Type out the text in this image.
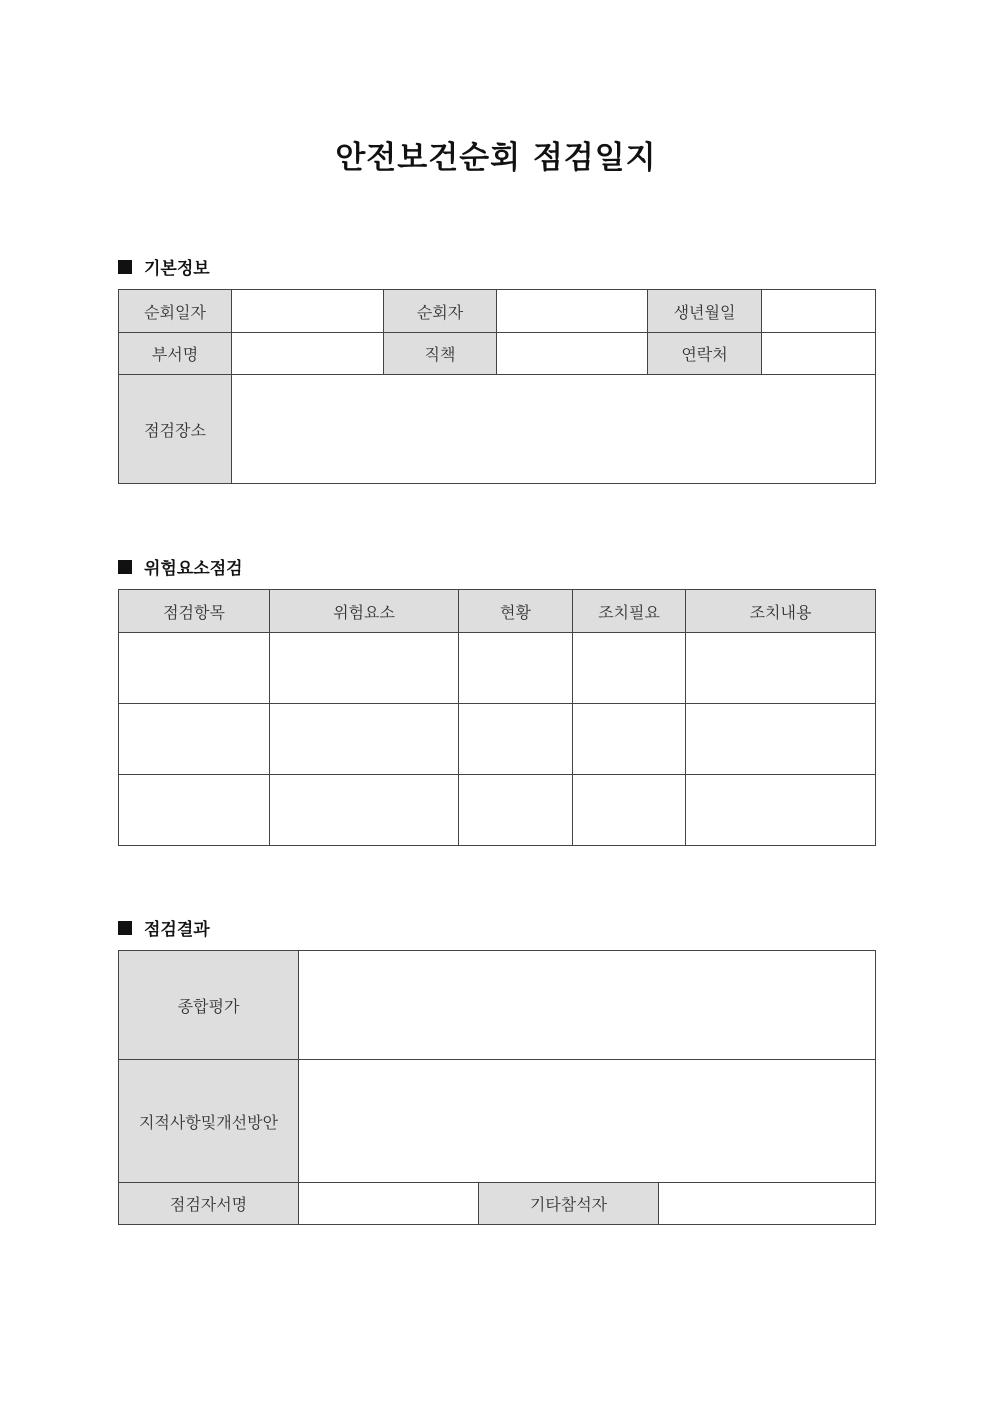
안전보건순회 점검일지
기본정보
순회일자		순회자		생년월일	
부서명		직책		연락처	
점검장소					
위험요소점검
점검항목	위험요소	현황	조치필요	조치내용

점검결과
종합평가			
지적사항및개선방안			
점검자서명		기타참석자	
